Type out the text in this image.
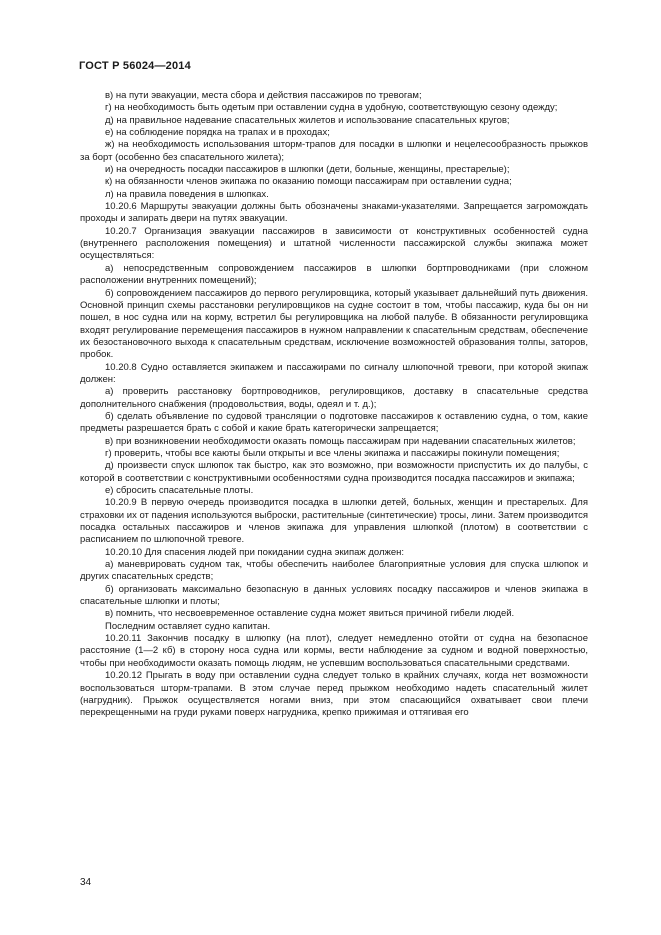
ГОСТ Р 56024—2014

в) на пути эвакуации, места сбора и действия пассажиров по тревогам;

г) на необходимость быть одетым при оставлении судна в удобную, соответствующую сезону одежду;

д) на правильное надевание спасательных жилетов и использование спасательных кругов;

е) на соблюдение порядка на трапах и в проходах;

ж) на необходимость использования шторм-трапов для посадки в шлюпки и нецелесообразность прыжков за борт (особенно без спасательного жилета);

и) на очередность посадки пассажиров в шлюпки (дети, больные, женщины, престарелые);

к) на обязанности членов экипажа по оказанию помощи пассажирам при оставлении судна;

л) на правила поведения в шлюпках.

10.20.6 Маршруты эвакуации должны быть обозначены знаками-указателями. Запрещается загромождать проходы и запирать двери на путях эвакуации.

10.20.7 Организация эвакуации пассажиров в зависимости от конструктивных особенностей судна (внутреннего расположения помещения) и штатной численности пассажирской службы экипажа может осуществляться:

а) непосредственным сопровождением пассажиров в шлюпки бортпроводниками (при сложном расположении внутренних помещений);

б) сопровождением пассажиров до первого регулировщика, который указывает дальнейший путь движения. Основной принцип схемы расстановки регулировщиков на судне состоит в том, чтобы пассажир, куда бы он ни пошел, в нос судна или на корму, встретил бы регулировщика на любой палубе. В обязанности регулировщика входят регулирование перемещения пассажиров в нужном направлении к спасательным средствам, обеспечение их безостановочного выхода к спасательным средствам, исключение возможностей образования толпы, заторов, пробок.

10.20.8 Судно оставляется экипажем и пассажирами по сигналу шлюпочной тревоги, при которой экипаж должен:

а) проверить расстановку бортпроводников, регулировщиков, доставку в спасательные средства дополнительного снабжения (продовольствия, воды, одеял и т. д.);

б) сделать объявление по судовой трансляции о подготовке пассажиров к оставлению судна, о том, какие предметы разрешается брать с собой и какие брать категорически запрещается;

в) при возникновении необходимости оказать помощь пассажирам при надевании спасательных жилетов;

г) проверить, чтобы все каюты были открыты и все члены экипажа и пассажиры покинули помещения;

д) произвести спуск шлюпок так быстро, как это возможно, при возможности приспустить их до палубы, с которой в соответствии с конструктивными особенностями судна производится посадка пассажиров и экипажа;

е) сбросить спасательные плоты.

10.20.9 В первую очередь производится посадка в шлюпки детей, больных, женщин и престарелых. Для страховки их от падения используются выброски, растительные (синтетические) тросы, лини. Затем производится посадка остальных пассажиров и членов экипажа для управления шлюпкой (плотом) в соответствии с расписанием по шлюпочной тревоге.

10.20.10 Для спасения людей при покидании судна экипаж должен:

а) маневрировать судном так, чтобы обеспечить наиболее благоприятные условия для спуска шлюпок и других спасательных средств;

б) организовать максимально безопасную в данных условиях посадку пассажиров и членов экипажа в спасательные шлюпки и плоты;

в) помнить, что несвоевременное оставление судна может явиться причиной гибели людей.

Последним оставляет судно капитан.

10.20.11 Закончив посадку в шлюпку (на плот), следует немедленно отойти от судна на безопасное расстояние (1—2 кб) в сторону носа судна или кормы, вести наблюдение за судном и водной поверхностью, чтобы при необходимости оказать помощь людям, не успевшим воспользоваться спасательными средствами.

10.20.12 Прыгать в воду при оставлении судна следует только в крайних случаях, когда нет возможности воспользоваться шторм-трапами. В этом случае перед прыжком необходимо надеть спасательный жилет (нагрудник). Прыжок осуществляется ногами вниз, при этом спасающийся охватывает свои плечи перекрещенными на груди руками поверх нагрудника, крепко прижимая и оттягивая его

34
